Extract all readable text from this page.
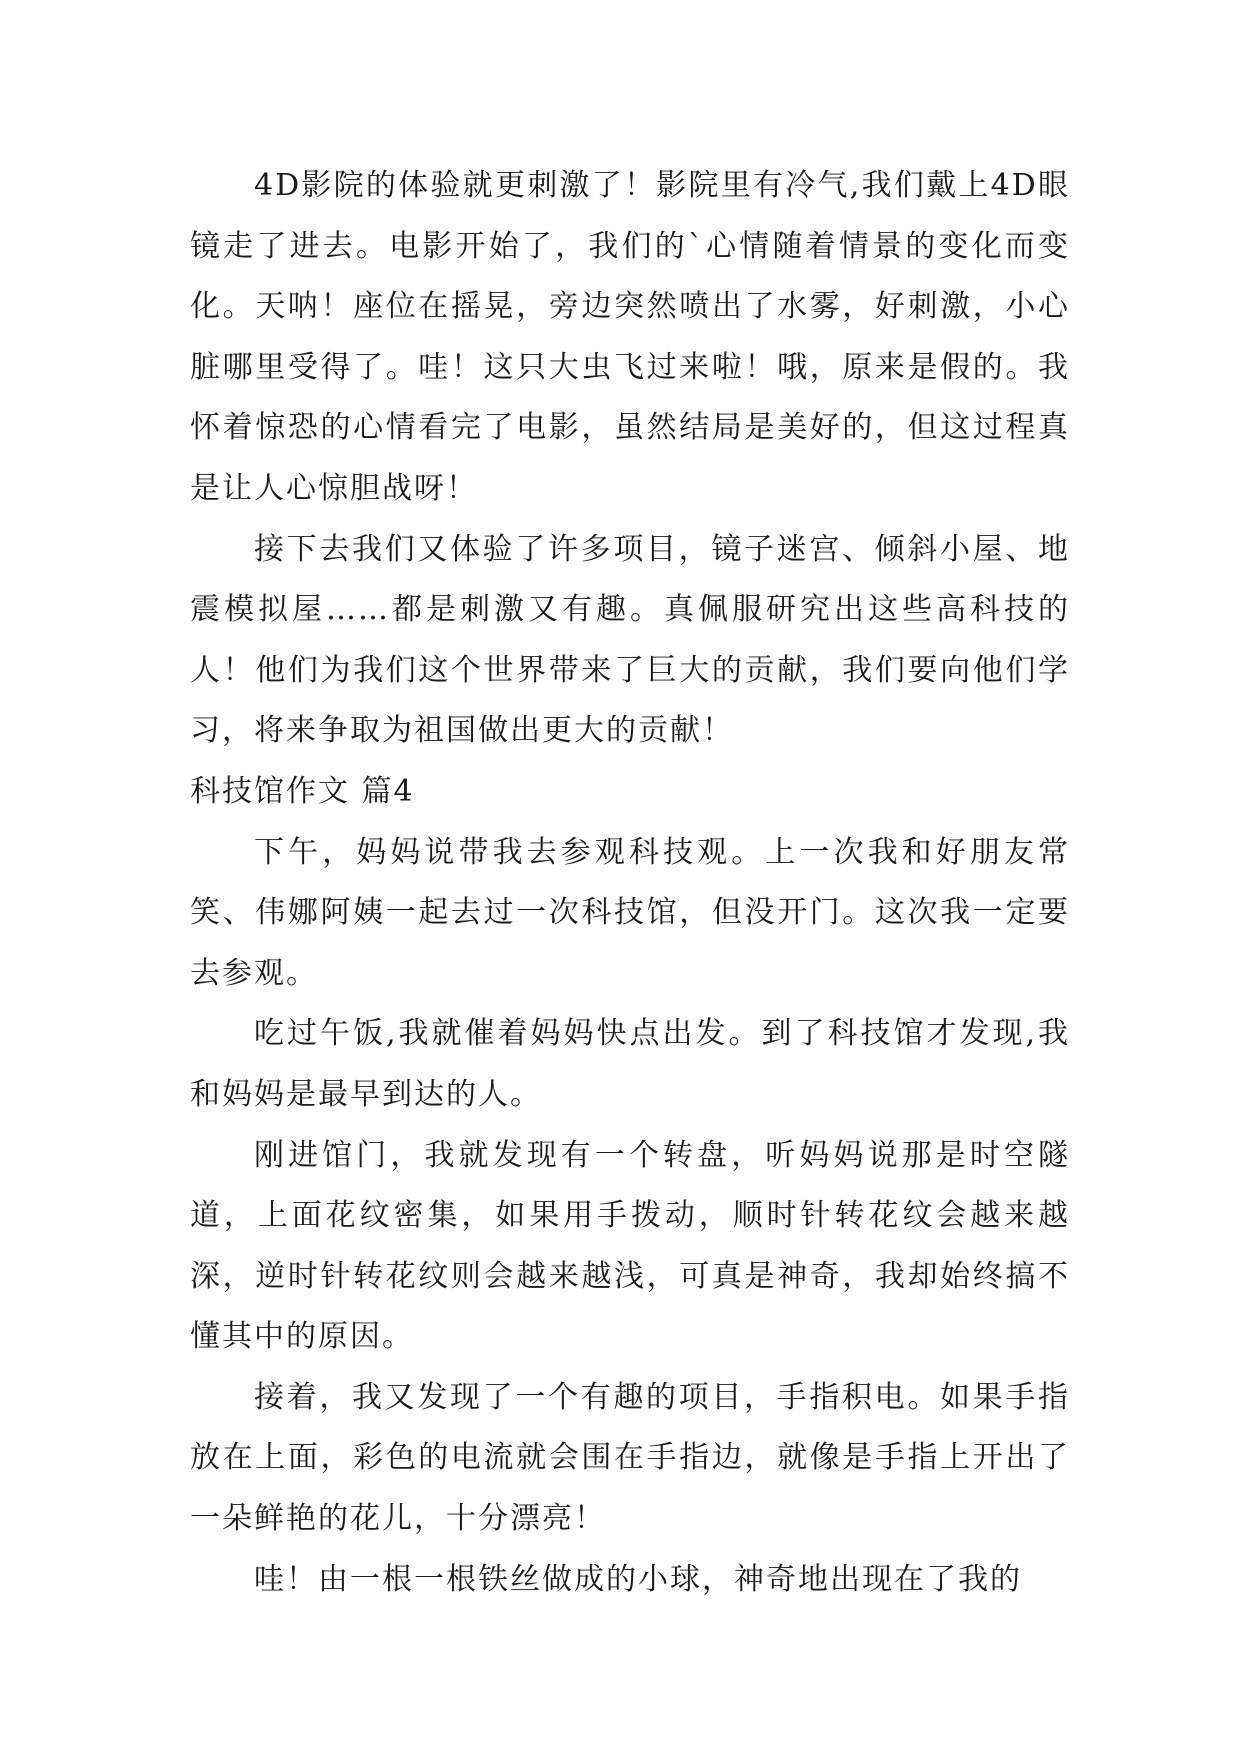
4D影院的体验就更刺激了！影院里有冷气,我们戴上4D眼镜走了进去。电影开始了，我们的`心情随着情景的变化而变化。天呐！座位在摇晃，旁边突然喷出了水雾，好刺激，小心脏哪里受得了。哇！这只大虫飞过来啦！哦，原来是假的。我怀着惊恐的心情看完了电影，虽然结局是美好的，但这过程真是让人心惊胆战呀！

接下去我们又体验了许多项目，镜子迷宫、倾斜小屋、地震模拟屋……都是刺激又有趣。真佩服研究出这些高科技的人！他们为我们这个世界带来了巨大的贡献，我们要向他们学习，将来争取为祖国做出更大的贡献！

科技馆作文 篇4

下午，妈妈说带我去参观科技观。上一次我和好朋友常笑、伟娜阿姨一起去过一次科技馆，但没开门。这次我一定要去参观。

吃过午饭,我就催着妈妈快点出发。到了科技馆才发现,我和妈妈是最早到达的人。

刚进馆门，我就发现有一个转盘，听妈妈说那是时空隧道，上面花纹密集，如果用手拨动，顺时针转花纹会越来越深，逆时针转花纹则会越来越浅，可真是神奇，我却始终搞不懂其中的原因。

接着，我又发现了一个有趣的项目，手指积电。如果手指放在上面，彩色的电流就会围在手指边，就像是手指上开出了一朵鲜艳的花儿，十分漂亮！

哇！由一根一根铁丝做成的小球，神奇地出现在了我的
